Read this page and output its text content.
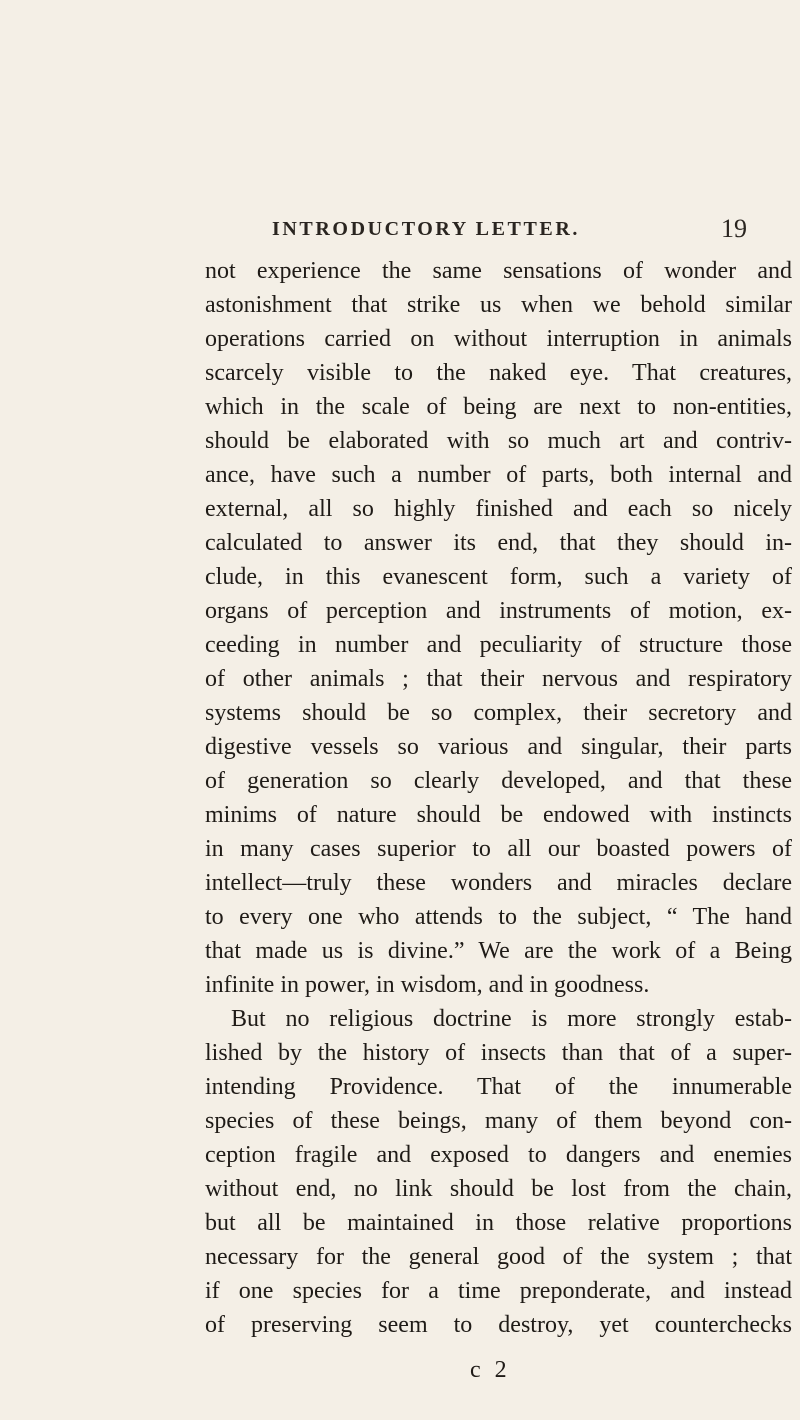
INTRODUCTORY LETTER.	19
not experience the same sensations of wonder and
astonishment that strike us when we behold similar
operations carried on without interruption in animals
scarcely visible to the naked eye. That creatures,
which in the scale of being are next to non-entities,
should be elaborated with so much art and contriv-
ance, have such a number of parts, both internal and
external, all so highly finished and each so nicely
calculated to answer its end, that they should in-
clude, in this evanescent form, such a variety of
organs of perception and instruments of motion, ex-
ceeding in number and peculiarity of structure those
of other animals ; that their nervous and respiratory
systems should be so complex, their secretory and
digestive vessels so various and singular, their parts
of generation so clearly developed, and that these
minims of nature should be endowed with instincts
in many cases superior to all our boasted powers of
intellect—truly these wonders and miracles declare
to every one who attends to the subject, “ The hand
that made us is divine.” We are the work of a Being
infinite in power, in wisdom, and in goodness.
But no religious doctrine is more strongly estab-
lished by the history of insects than that of a super-
intending Providence. That of the innumerable
species of these beings, many of them beyond con-
ception fragile and exposed to dangers and enemies
without end, no link should be lost from the chain,
but all be maintained in those relative proportions
necessary for the general good of the system ; that
if one species for a time preponderate, and instead
of preserving seem to destroy, yet counterchecks
c 2
